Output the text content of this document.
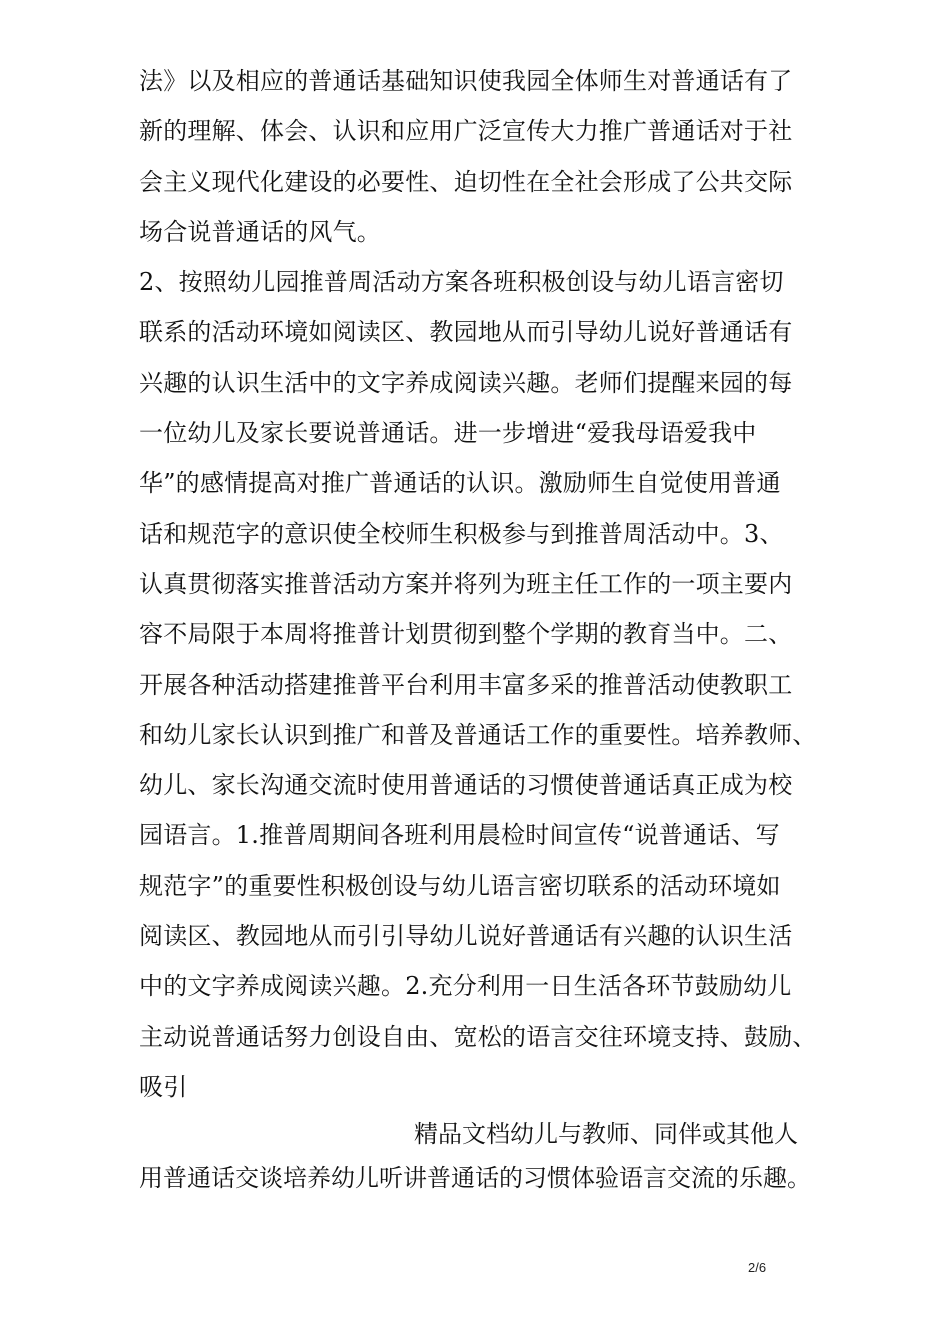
法》以及相应的普通话基础知识使我园全体师生对普通话有了
新的理解、体会、认识和应用广泛宣传大力推广普通话对于社
会主义现代化建设的必要性、迫切性在全社会形成了公共交际
场合说普通话的风气。
2、按照幼儿园推普周活动方案各班积极创设与幼儿语言密切
联系的活动环境如阅读区、教园地从而引导幼儿说好普通话有
兴趣的认识生活中的文字养成阅读兴趣。老师们提醒来园的每
一位幼儿及家长要说普通话。进一步增进“爱我母语爱我中
华”的感情提高对推广普通话的认识。激励师生自觉使用普通
话和规范字的意识使全校师生积极参与到推普周活动中。3、
认真贯彻落实推普活动方案并将列为班主任工作的一项主要内
容不局限于本周将推普计划贯彻到整个学期的教育当中。二、
开展各种活动搭建推普平台利用丰富多采的推普活动使教职工
和幼儿家长认识到推广和普及普通话工作的重要性。培养教师、
幼儿、家长沟通交流时使用普通话的习惯使普通话真正成为校
园语言。1.推普周期间各班利用晨检时间宣传“说普通话、写
规范字”的重要性积极创设与幼儿语言密切联系的活动环境如
阅读区、教园地从而引引导幼儿说好普通话有兴趣的认识生活
中的文字养成阅读兴趣。2.充分利用一日生活各环节鼓励幼儿
主动说普通话努力创设自由、宽松的语言交往环境支持、鼓励、
吸引
精品文档幼儿与教师、同伴或其他人
用普通话交谈培养幼儿听讲普通话的习惯体验语言交流的乐趣。
2/6
